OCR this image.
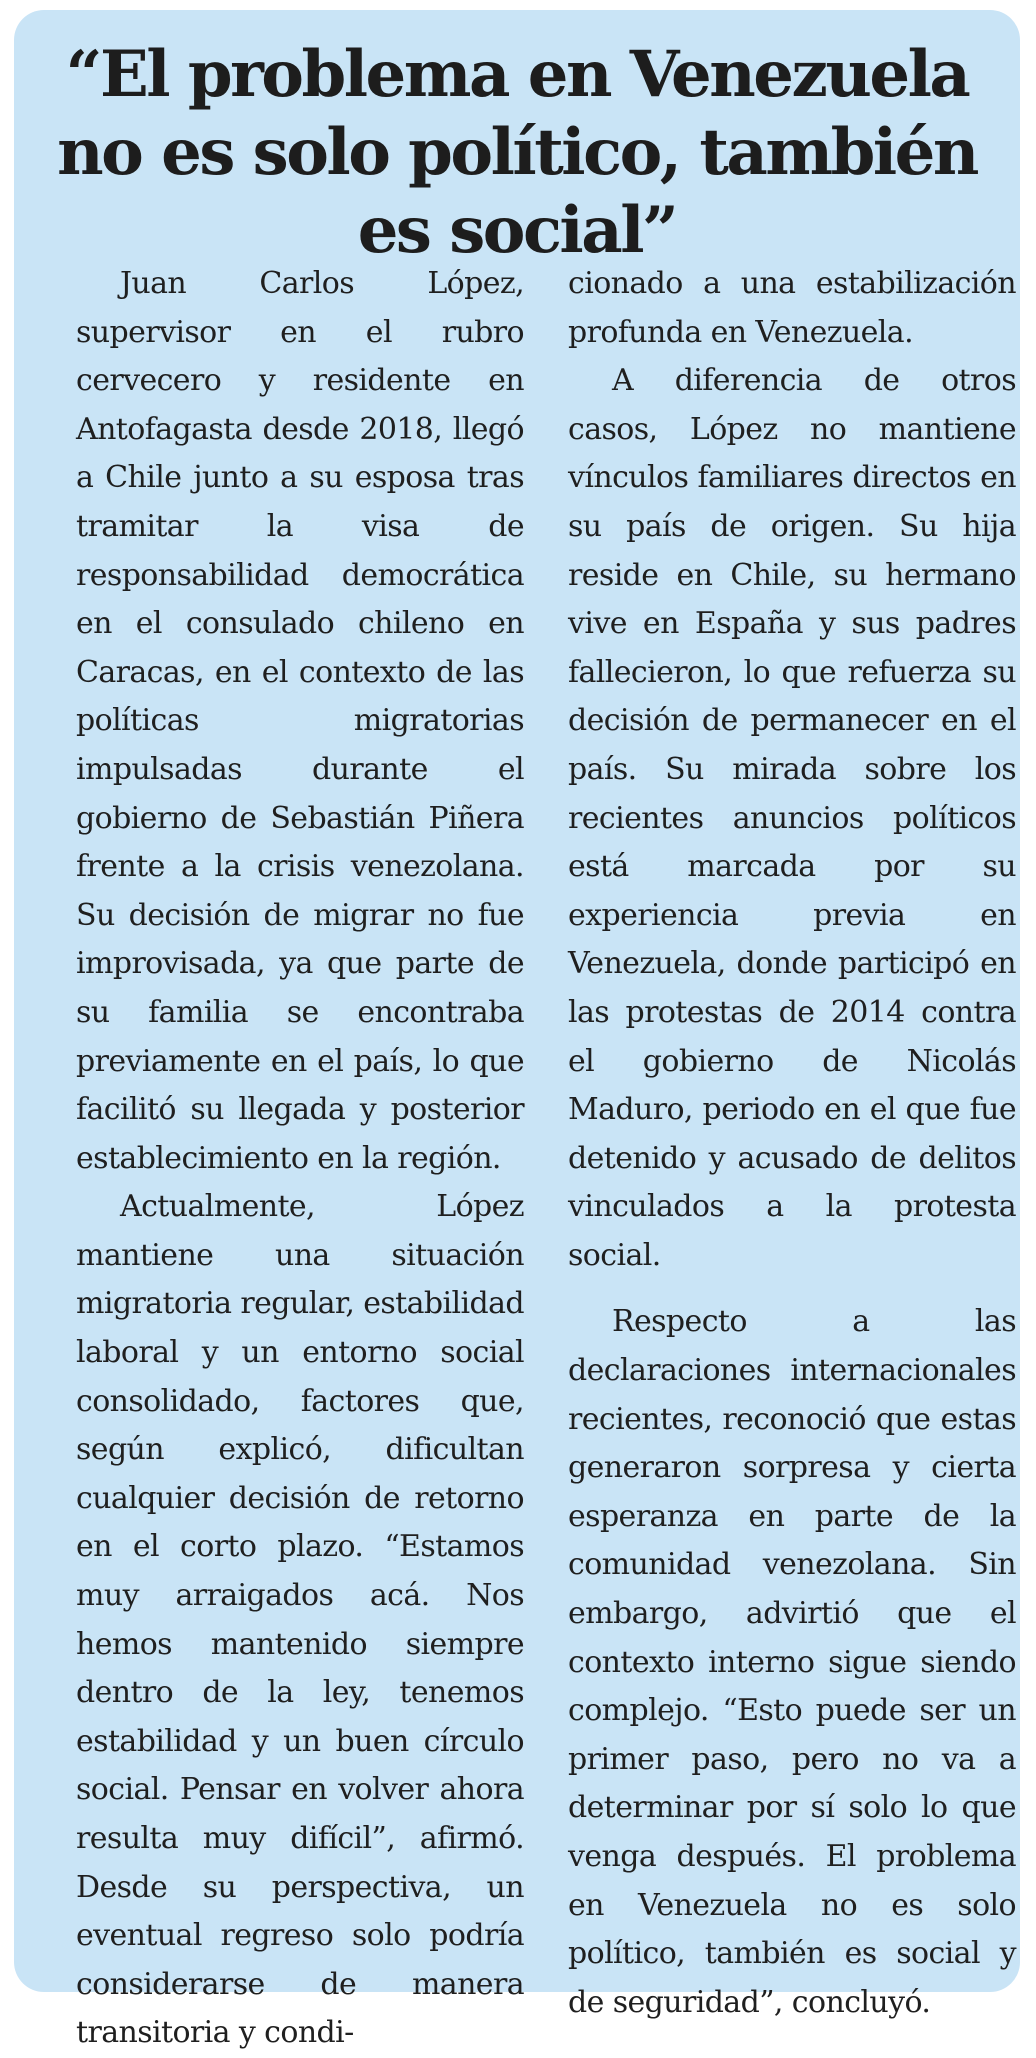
“El problema en Venezuela no es solo político, también es social”

Juan Carlos López, supervisor en el rubro cervecero y residente en Antofagasta desde 2018, llegó a Chile junto a su esposa tras tramitar la visa de responsabilidad democrática en el consulado chileno en Caracas, en el contexto de las políticas migratorias impulsadas durante el gobierno de Sebastián Piñera frente a la crisis venezolana. Su decisión de migrar no fue improvisada, ya que parte de su familia se encontraba previamente en el país, lo que facilitó su llegada y posterior establecimiento en la región.

Actualmente, López mantiene una situación migratoria regular, estabilidad laboral y un entorno social consolidado, factores que, según explicó, dificultan cualquier decisión de retorno en el corto plazo. “Estamos muy arraigados acá. Nos hemos mantenido siempre dentro de la ley, tenemos estabilidad y un buen círculo social. Pensar en volver ahora resulta muy difícil”, afirmó. Desde su perspectiva, un eventual regreso solo podría considerarse de manera transitoria y condi-

cionado a una estabilización profunda en Venezuela.

A diferencia de otros casos, López no mantiene vínculos familiares directos en su país de origen. Su hija reside en Chile, su hermano vive en España y sus padres fallecieron, lo que refuerza su decisión de permanecer en el país. Su mirada sobre los recientes anuncios políticos está marcada por su experiencia previa en Venezuela, donde participó en las protestas de 2014 contra el gobierno de Nicolás Maduro, periodo en el que fue detenido y acusado de delitos vinculados a la protesta social.

Respecto a las declaraciones internacionales recientes, reconoció que estas generaron sorpresa y cierta esperanza en parte de la comunidad venezolana. Sin embargo, advirtió que el contexto interno sigue siendo complejo. “Esto puede ser un primer paso, pero no va a determinar por sí solo lo que venga después. El problema en Venezuela no es solo político, también es social y de seguridad”, concluyó.
